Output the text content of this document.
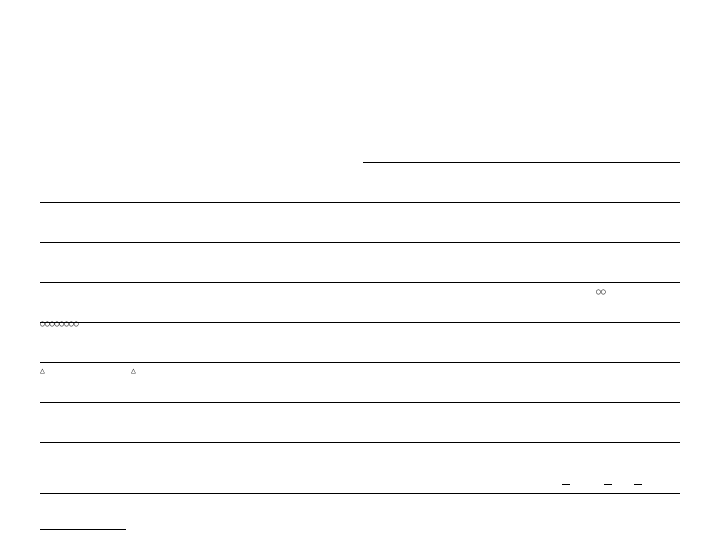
○○
○○○○○○○○
△	△
